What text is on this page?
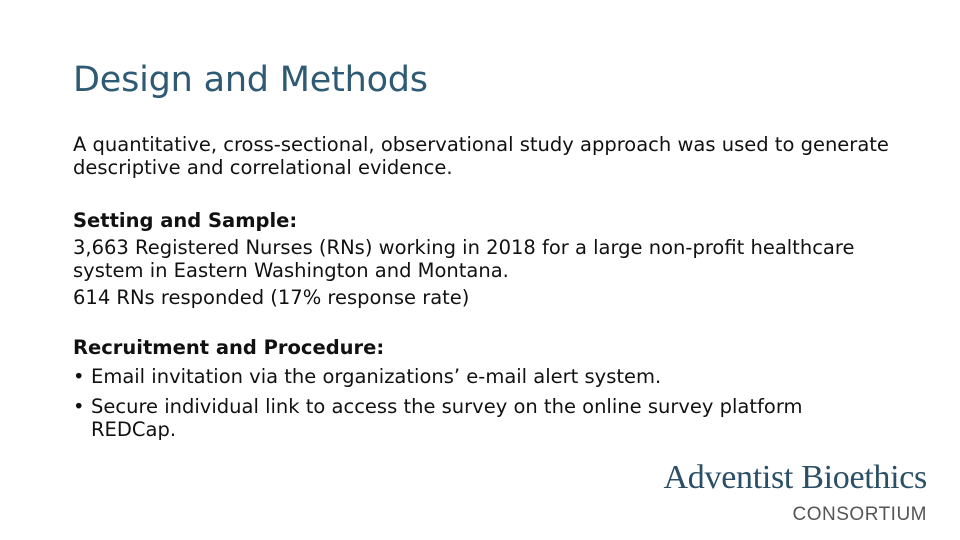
Design and Methods

A quantitative, cross-sectional, observational study approach was used to generate descriptive and correlational evidence.

Setting and Sample:

3,663 Registered Nurses (RNs) working in 2018 for a large non-profit healthcare system in Eastern Washington and Montana.

614 RNs responded (17% response rate)

Recruitment and Procedure:

• Email invitation via the organizations’ e-mail alert system.
• Secure individual link to access the survey on the online survey platform REDCap.

Adventist Bioethics

CONSORTIUM
